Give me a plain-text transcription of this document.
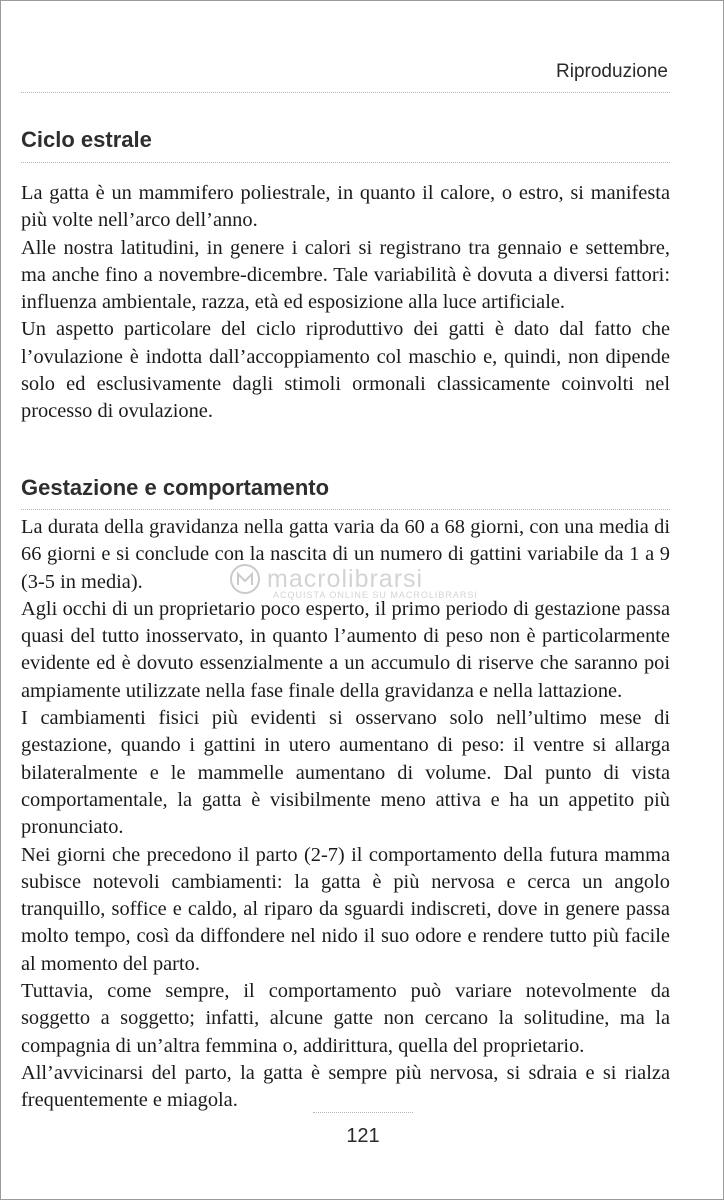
Riproduzione
Ciclo estrale

La gatta è un mammifero poliestrale, in quanto il calore, o estro, si manifesta più volte nell’arco dell’anno.

Alle nostra latitudini, in genere i calori si registrano tra gennaio e settembre, ma anche fino a novembre-dicembre. Tale variabilità è dovuta a diversi fattori: influenza ambientale, razza, età ed esposizione alla luce artificiale.

Un aspetto particolare del ciclo riproduttivo dei gatti è dato dal fatto che l’ovulazione è indotta dall’accoppiamento col maschio e, quindi, non dipende solo ed esclusivamente dagli stimoli ormonali classicamente coinvolti nel processo di ovulazione.

Gestazione e comportamento

La durata della gravidanza nella gatta varia da 60 a 68 giorni, con una media di 66 giorni e si conclude con la nascita di un numero di gattini variabile da 1 a 9 (3-5 in media).

Agli occhi di un proprietario poco esperto, il primo periodo di gestazione passa quasi del tutto inosservato, in quanto l’aumento di peso non è particolarmente evidente ed è dovuto essenzialmente a un accumulo di riserve che saranno poi ampiamente utilizzate nella fase finale della gravidanza e nella lattazione.

I cambiamenti fisici più evidenti si osservano solo nell’ultimo mese di gestazione, quando i gattini in utero aumentano di peso: il ventre si allarga bilateralmente e le mammelle aumentano di volume. Dal punto di vista comportamentale, la gatta è visibilmente meno attiva e ha un appetito più pronunciato.

Nei giorni che precedono il parto (2-7) il comportamento della futura mamma subisce notevoli cambiamenti: la gatta è più nervosa e cerca un angolo tranquillo, soffice e caldo, al riparo da sguardi indiscreti, dove in genere passa molto tempo, così da diffondere nel nido il suo odore e rendere tutto più facile al momento del parto.

Tuttavia, come sempre, il comportamento può variare notevolmente da soggetto a soggetto; infatti, alcune gatte non cercano la solitudine, ma la compagnia di un’altra femmina o, addirittura, quella del proprietario.

All’avvicinarsi del parto, la gatta è sempre più nervosa, si sdraia e si rialza frequentemente e miagola.

macrolibrarsi
ACQUISTA ONLINE SU MACROLIBRARSI
121
